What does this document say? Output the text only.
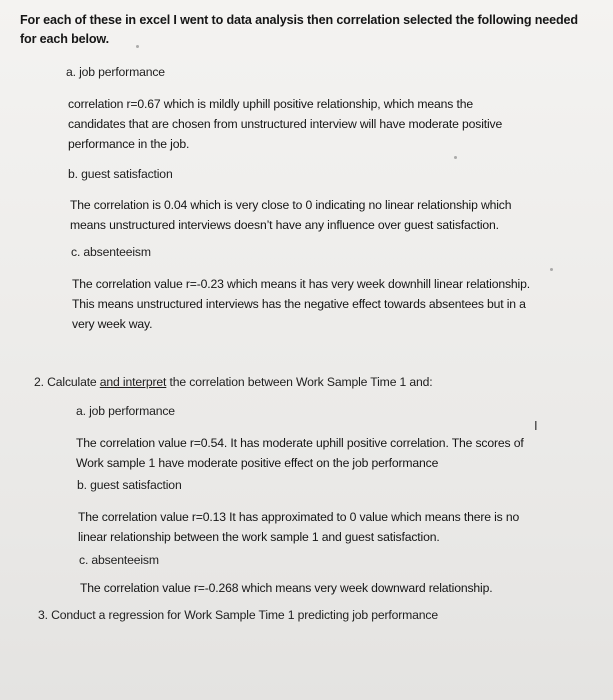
For each of these in excel I went to data analysis then correlation selected the following needed
for each below.
a. job performance
correlation r=0.67 which is mildly uphill positive relationship, which means the
candidates that are chosen from unstructured interview will have moderate positive
performance in the job.
b. guest satisfaction
The correlation is 0.04 which is very close to 0 indicating no linear relationship which
means unstructured interviews doesn’t have any influence over guest satisfaction.
c. absenteeism
The correlation value r=-0.23 which means it has very week downhill linear relationship.
This means unstructured interviews has the negative effect towards absentees but in a
very week way.
2. Calculate and interpret the correlation between Work Sample Time 1 and:
a. job performance
The correlation value r=0.54. It has moderate uphill positive correlation. The scores of
Work sample 1 have moderate positive effect on the job performance
I
b. guest satisfaction
The correlation value r=0.13 It has approximated to 0 value which means there is no
linear relationship between the work sample 1 and guest satisfaction.
c. absenteeism
The correlation value r=-0.268 which means very week downward relationship.
3. Conduct a regression for Work Sample Time 1 predicting job performance
